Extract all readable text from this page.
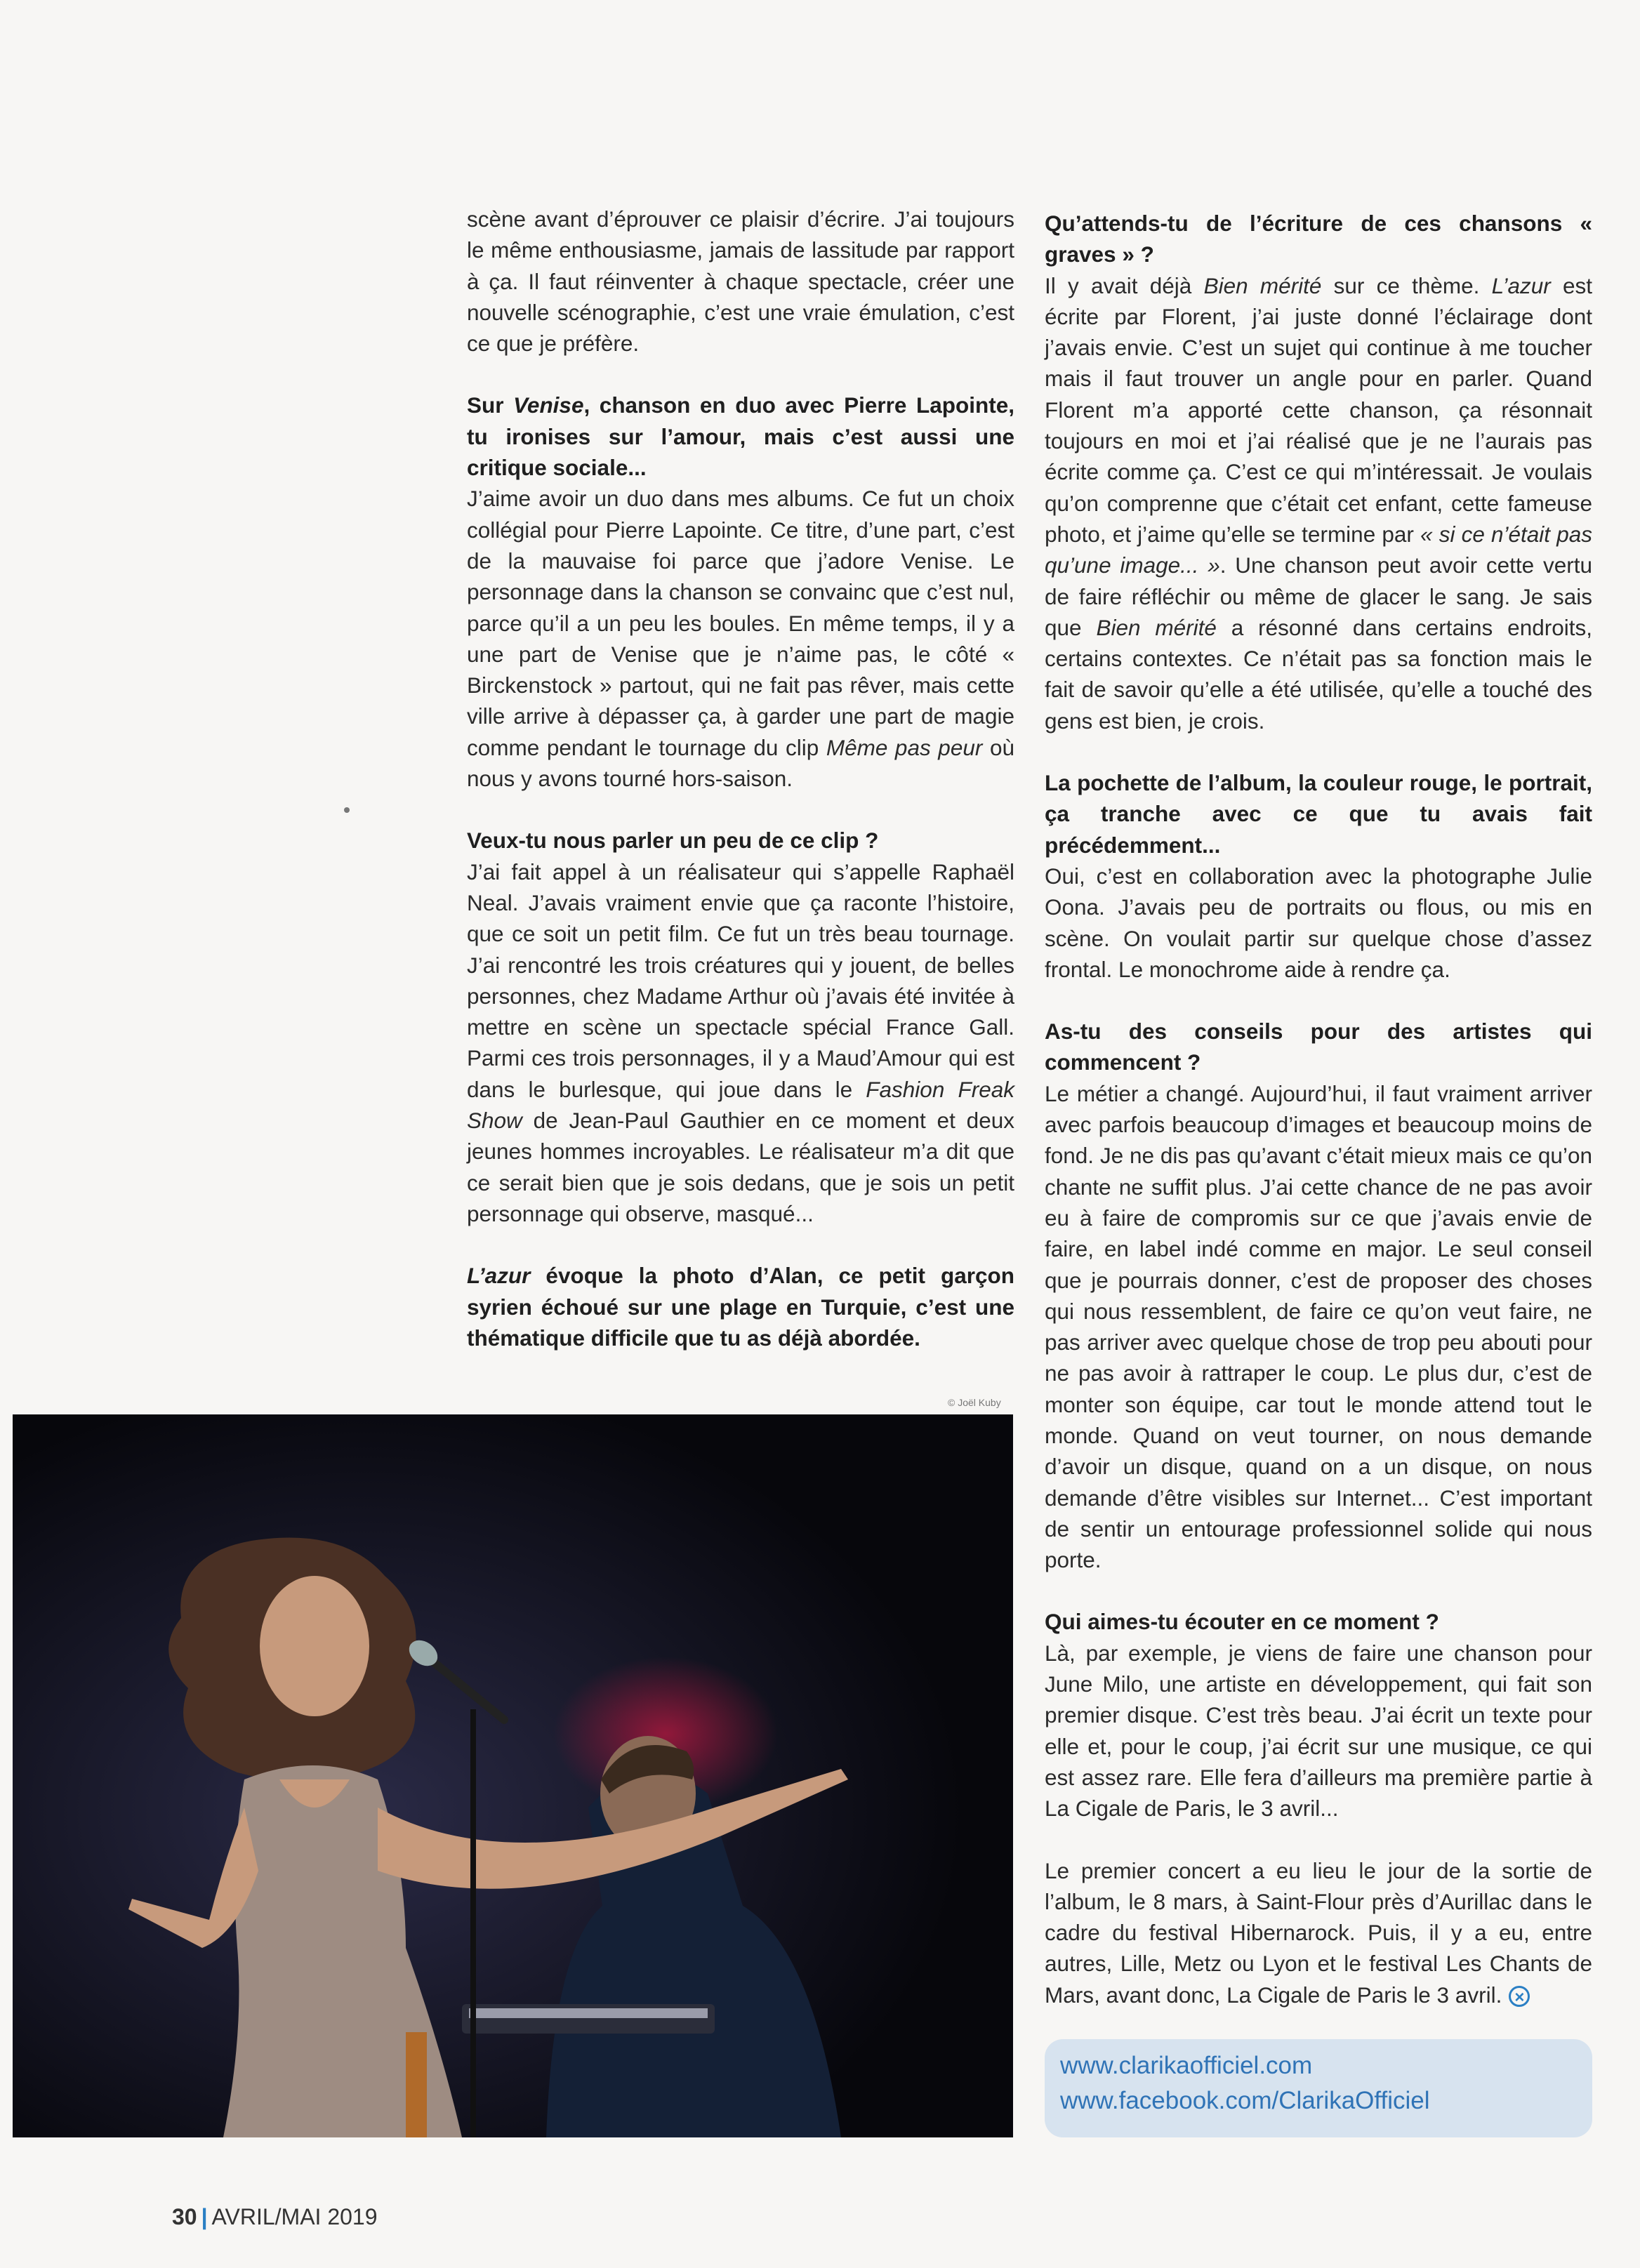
scène avant d’éprouver ce plaisir d’écrire. J’ai toujours le même enthousiasme, jamais de lassitude par rapport à ça. Il faut réinventer à chaque spectacle, créer une nouvelle scénographie, c’est une vraie émulation, c’est ce que je préfère.

Sur Venise, chanson en duo avec Pierre Lapointe, tu ironises sur l’amour, mais c’est aussi une critique sociale...

J’aime avoir un duo dans mes albums. Ce fut un choix collégial pour Pierre Lapointe. Ce titre, d’une part, c’est de la mauvaise foi parce que j’adore Venise. Le personnage dans la chanson se convainc que c’est nul, parce qu’il a un peu les boules. En même temps, il y a une part de Venise que je n’aime pas, le côté « Birckenstock » partout, qui ne fait pas rêver, mais cette ville arrive à dépasser ça, à garder une part de magie comme pendant le tournage du clip Même pas peur où nous y avons tourné hors-saison.

Veux-tu nous parler un peu de ce clip ?

J’ai fait appel à un réalisateur qui s’appelle Raphaël Neal. J’avais vraiment envie que ça raconte l’histoire, que ce soit un petit film. Ce fut un très beau tournage. J’ai rencontré les trois créatures qui y jouent, de belles personnes, chez Madame Arthur où j’avais été invitée à mettre en scène un spectacle spécial France Gall. Parmi ces trois personnages, il y a Maud’Amour qui est dans le burlesque, qui joue dans le Fashion Freak Show de Jean-Paul Gauthier en ce moment et deux jeunes hommes incroyables. Le réalisateur m’a dit que ce serait bien que je sois dedans, que je sois un petit personnage qui observe, masqué...

L’azur évoque la photo d’Alan, ce petit garçon syrien échoué sur une plage en Turquie, c’est une thématique difficile que tu as déjà abordée.

Qu’attends-tu de l’écriture de ces chansons « graves » ?

Il y avait déjà Bien mérité sur ce thème. L’azur est écrite par Florent, j’ai juste donné l’éclairage dont j’avais envie. C’est un sujet qui continue à me toucher mais il faut trouver un angle pour en parler. Quand Florent m’a apporté cette chanson, ça résonnait toujours en moi et j’ai réalisé que je ne l’aurais pas écrite comme ça. C’est ce qui m’intéressait. Je voulais qu’on comprenne que c’était cet enfant, cette fameuse photo, et j’aime qu’elle se termine par « si ce n’était pas qu’une image... ». Une chanson peut avoir cette vertu de faire réfléchir ou même de glacer le sang. Je sais que Bien mérité a résonné dans certains endroits, certains contextes. Ce n’était pas sa fonction mais le fait de savoir qu’elle a été utilisée, qu’elle a touché des gens est bien, je crois.

La pochette de l’album, la couleur rouge, le portrait, ça tranche avec ce que tu avais fait précédemment...

Oui, c’est en collaboration avec la photographe Julie Oona. J’avais peu de portraits ou flous, ou mis en scène. On voulait partir sur quelque chose d’assez frontal. Le monochrome aide à rendre ça.

As-tu des conseils pour des artistes qui commencent ?

Le métier a changé. Aujourd’hui, il faut vraiment arriver avec parfois beaucoup d’images et beaucoup moins de fond. Je ne dis pas qu’avant c’était mieux mais ce qu’on chante ne suffit plus. J’ai cette chance de ne pas avoir eu à faire de compromis sur ce que j’avais envie de faire, en label indé comme en major. Le seul conseil que je pourrais donner, c’est de proposer des choses qui nous ressemblent, de faire ce qu’on veut faire, ne pas arriver avec quelque chose de trop peu abouti pour ne pas avoir à rattraper le coup. Le plus dur, c’est de monter son équipe, car tout le monde attend tout le monde. Quand on veut tourner, on nous demande d’avoir un disque, quand on a un disque, on nous demande d’être visibles sur Internet... C’est important de sentir un entourage professionnel solide qui nous porte.

Qui aimes-tu écouter en ce moment ?

Là, par exemple, je viens de faire une chanson pour June Milo, une artiste en développement, qui fait son premier disque. C’est très beau. J’ai écrit un texte pour elle et, pour le coup, j’ai écrit sur une musique, ce qui est assez rare. Elle fera d’ailleurs ma première partie à La Cigale de Paris, le 3 avril...

Le premier concert a eu lieu le jour de la sortie de l’album, le 8 mars, à Saint-Flour près d’Aurillac dans le cadre du festival Hibernarock. Puis, il y a eu, entre autres, Lille, Metz ou Lyon et le festival Les Chants de Mars, avant donc, La Cigale de Paris le 3 avril. ×

© Joël Kuby
www.clarikaofficiel.com
www.facebook.com/ClarikaOfficiel
30 | AVRIL/MAI 2019
